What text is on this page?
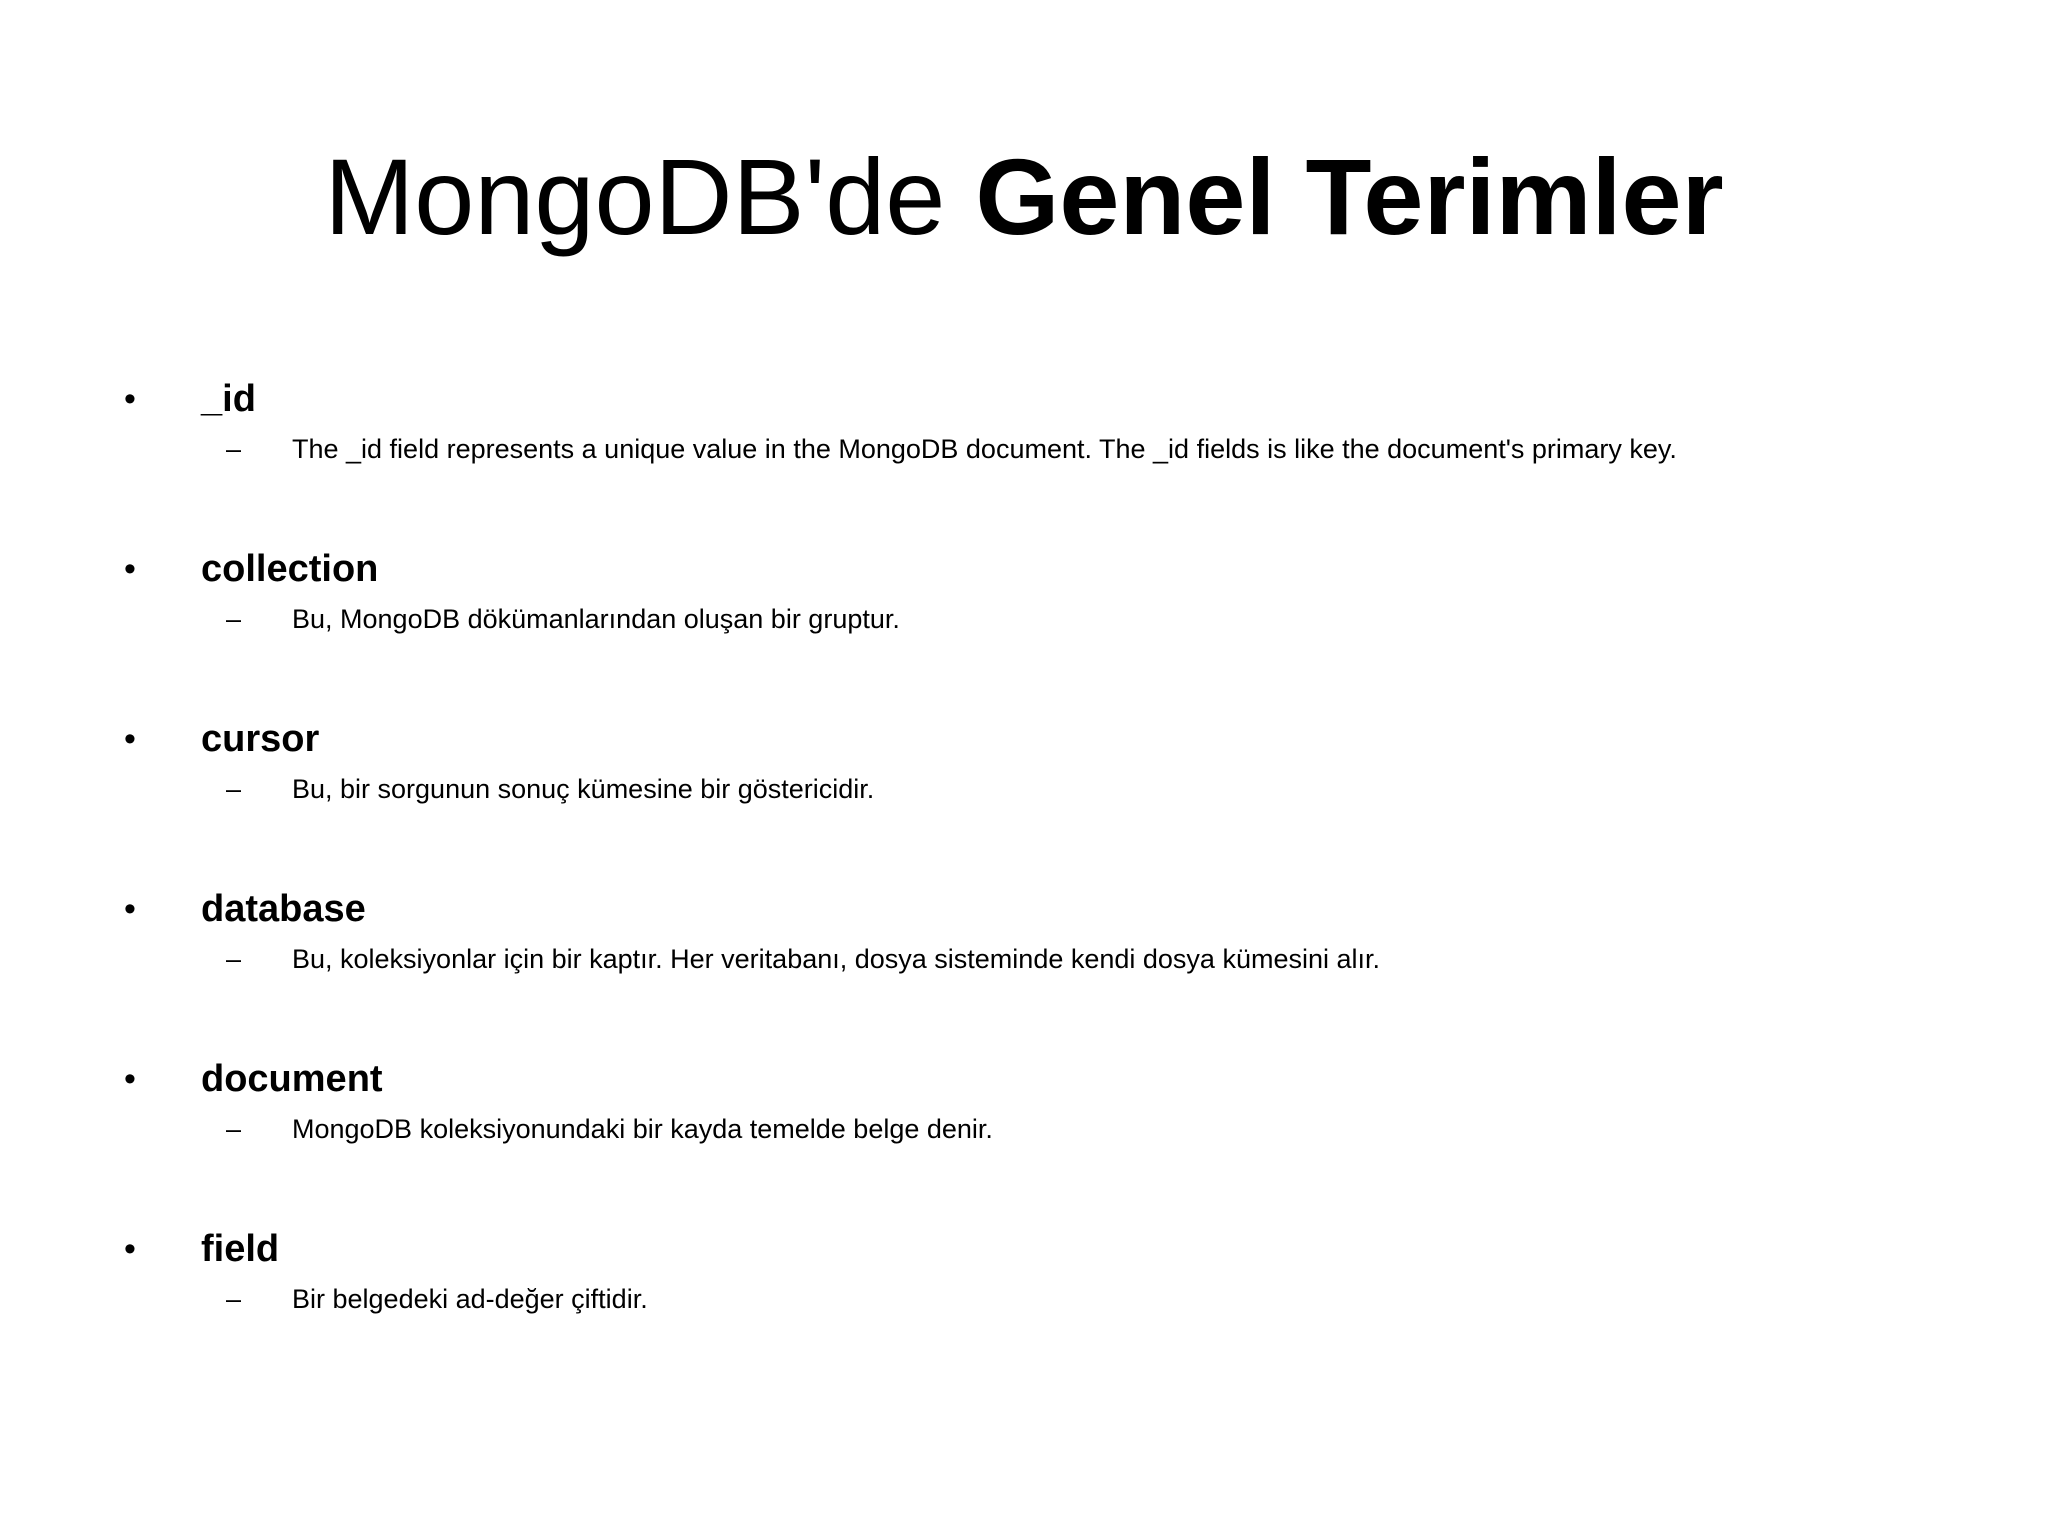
MongoDB'de Genel Terimler
• _id
– The _id field represents a unique value in the MongoDB document. The _id fields is like the document's primary key.
• collection
– Bu, MongoDB dökümanlarından oluşan bir gruptur.
• cursor
– Bu, bir sorgunun sonuç kümesine bir göstericidir.
• database
– Bu, koleksiyonlar için bir kaptır. Her veritabanı, dosya sisteminde kendi dosya kümesini alır.
• document
– MongoDB koleksiyonundaki bir kayda temelde belge denir.
• field
– Bir belgedeki ad-değer çiftidir.
